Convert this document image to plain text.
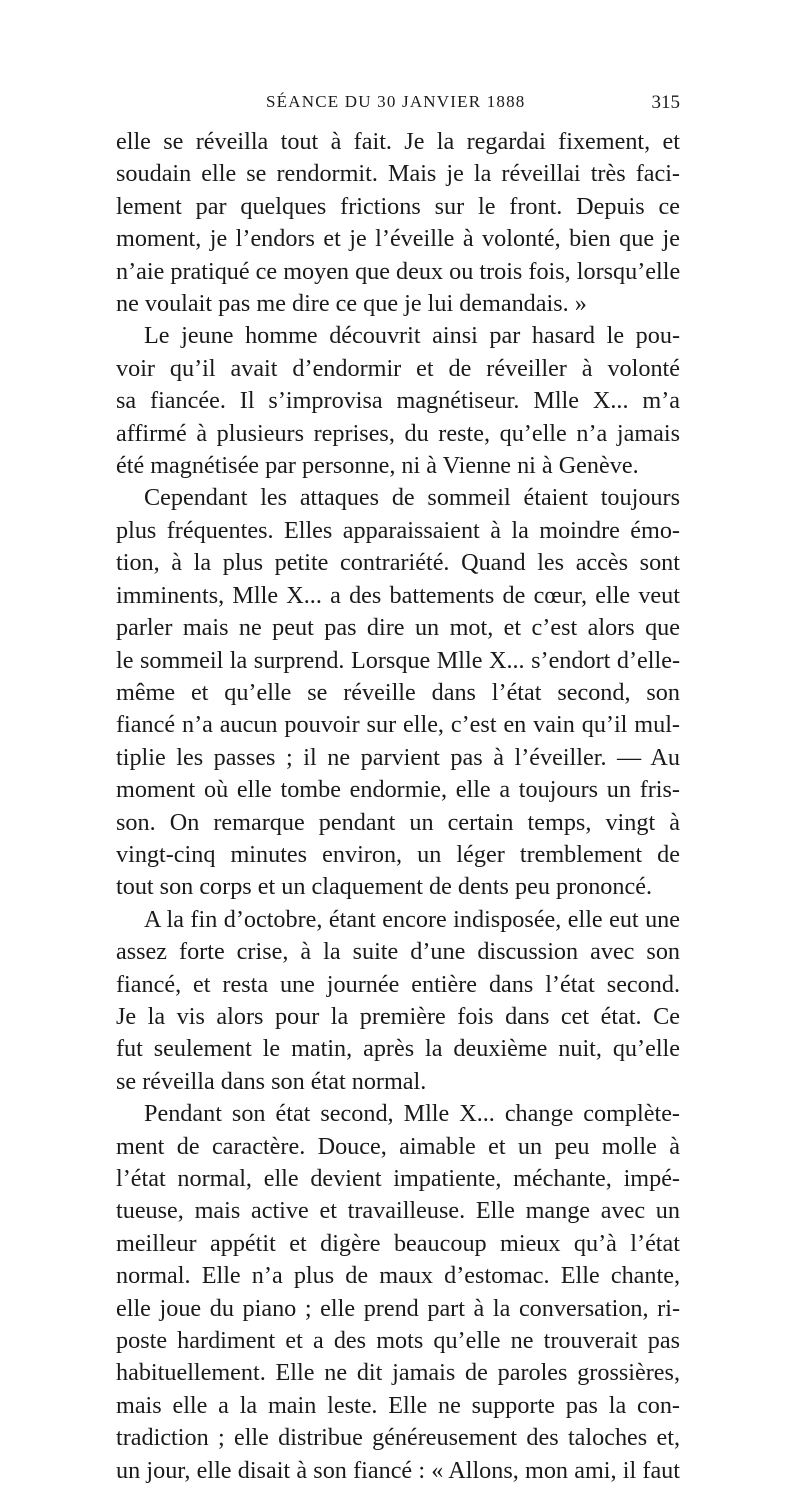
SÉANCE DU 30 JANVIER 1888	315
elle se réveilla tout à fait. Je la regardai fixement, et
soudain elle se rendormit. Mais je la réveillai très faci-
lement par quelques frictions sur le front. Depuis ce
moment, je l’endors et je l’éveille à volonté, bien que je
n’aie pratiqué ce moyen que deux ou trois fois, lorsqu’elle
ne voulait pas me dire ce que je lui demandais. »
Le jeune homme découvrit ainsi par hasard le pou-
voir qu’il avait d’endormir et de réveiller à volonté
sa fiancée. Il s’improvisa magnétiseur. Mlle X... m’a
affirmé à plusieurs reprises, du reste, qu’elle n’a jamais
été magnétisée par personne, ni à Vienne ni à Genève.
Cependant les attaques de sommeil étaient toujours
plus fréquentes. Elles apparaissaient à la moindre émo-
tion, à la plus petite contrariété. Quand les accès sont
imminents, Mlle X... a des battements de cœur, elle veut
parler mais ne peut pas dire un mot, et c’est alors que
le sommeil la surprend. Lorsque Mlle X... s’endort d’elle-
même et qu’elle se réveille dans l’état second, son
fiancé n’a aucun pouvoir sur elle, c’est en vain qu’il mul-
tiplie les passes ; il ne parvient pas à l’éveiller. — Au
moment où elle tombe endormie, elle a toujours un fris-
son. On remarque pendant un certain temps, vingt à
vingt-cinq minutes environ, un léger tremblement de
tout son corps et un claquement de dents peu prononcé.
A la fin d’octobre, étant encore indisposée, elle eut une
assez forte crise, à la suite d’une discussion avec son
fiancé, et resta une journée entière dans l’état second.
Je la vis alors pour la première fois dans cet état. Ce
fut seulement le matin, après la deuxième nuit, qu’elle
se réveilla dans son état normal.
Pendant son état second, Mlle X... change complète-
ment de caractère. Douce, aimable et un peu molle à
l’état normal, elle devient impatiente, méchante, impé-
tueuse, mais active et travailleuse. Elle mange avec un
meilleur appétit et digère beaucoup mieux qu’à l’état
normal. Elle n’a plus de maux d’estomac. Elle chante,
elle joue du piano ; elle prend part à la conversation, ri-
poste hardiment et a des mots qu’elle ne trouverait pas
habituellement. Elle ne dit jamais de paroles grossières,
mais elle a la main leste. Elle ne supporte pas la con-
tradiction ; elle distribue généreusement des taloches et,
un jour, elle disait à son fiancé : « Allons, mon ami, il faut
